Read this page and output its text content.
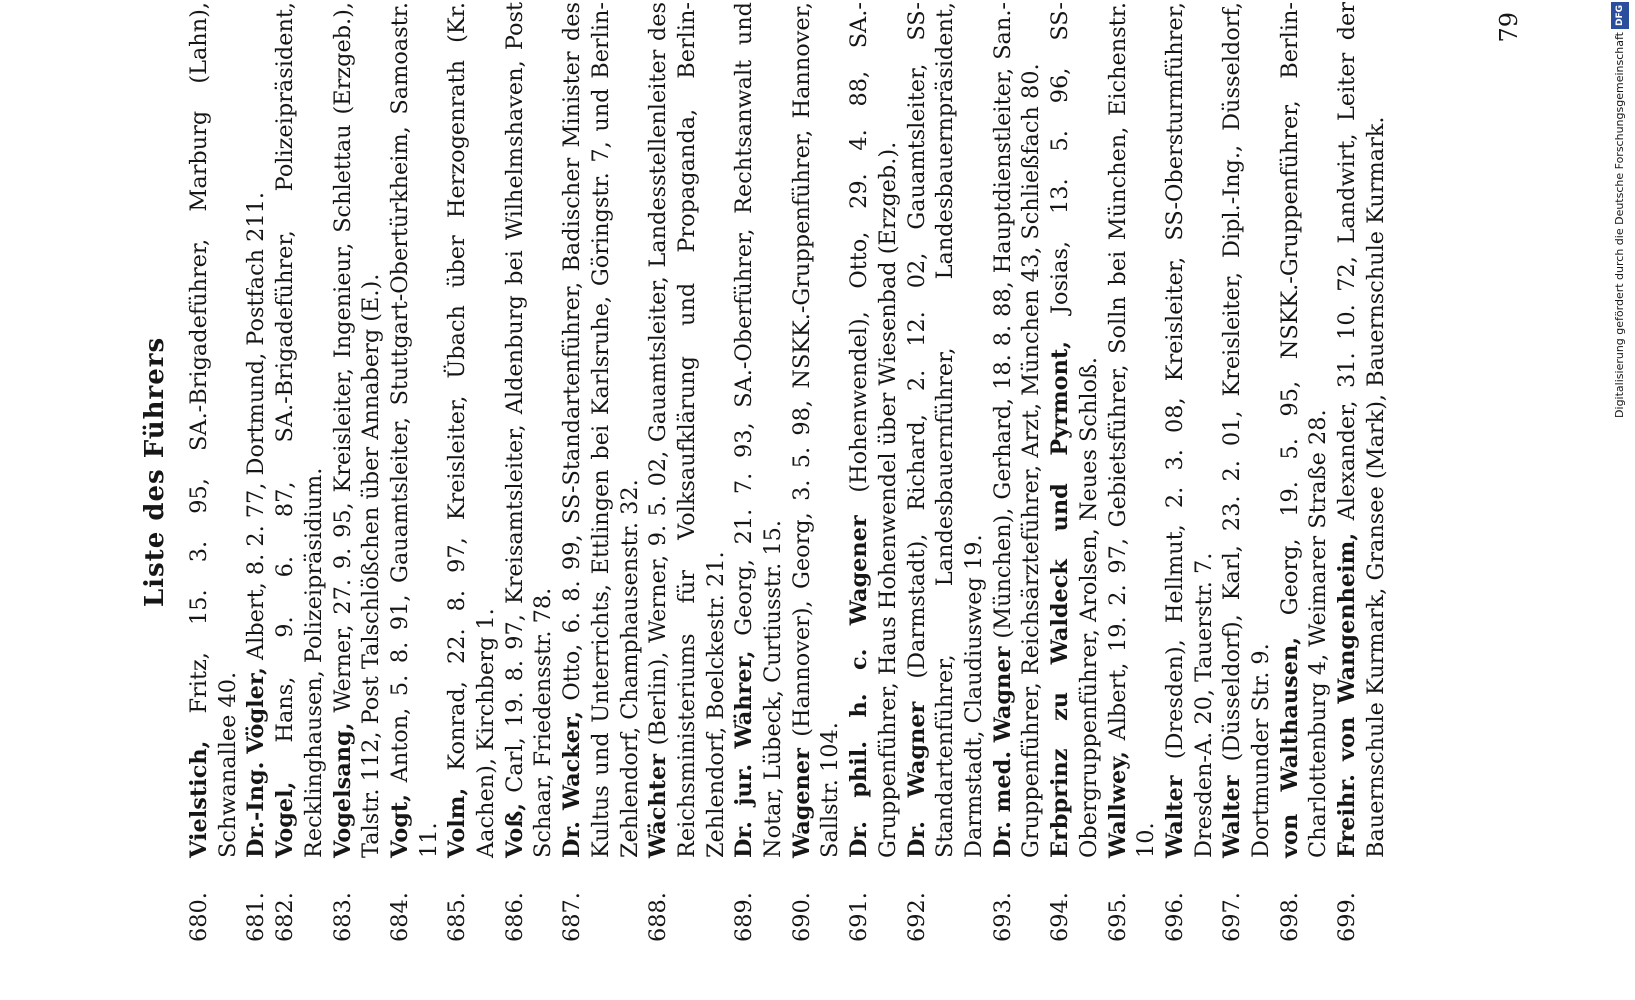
Liste des Führers

680.
Vielstich, Fritz, 15. 3. 95, SA.-Brigadeführer, Marburg (Lahn), Schwanallee 40.

681.
Dr.-Ing. Vögler, Albert, 8. 2. 77, Dortmund, Postfach 211.

682.
Vogel, Hans, 9. 6. 87, SA.-Brigadeführer, Polizeipräsident, Recklinghausen, Polizeipräsidium.

683.
Vogelsang, Werner, 27. 9. 95, Kreisleiter, Ingenieur, Schlettau (Erzgeb.), Talstr. 112, Post Talschlößchen über Annaberg (E.).

684.
Vogt, Anton, 5. 8. 91, Gauamtsleiter, Stuttgart-Obertürkheim, Samoastr. 11.

685.
Volm, Konrad, 22. 8. 97, Kreisleiter, Übach über Herzogenrath (Kr. Aachen), Kirchberg 1.

686.
Voß, Carl, 19. 8. 97, Kreisamtsleiter, Aldenburg bei Wilhelmshaven, Post Schaar, Friedensstr. 78.

687.
Dr. Wacker, Otto, 6. 8. 99, SS-Standartenführer, Badischer Minister des Kultus und Unterrichts, Ettlingen bei Karlsruhe, Göringstr. 7, und Berlin-Zehlendorf, Champhausenstr. 32.

688.
Wächter (Berlin), Werner, 9. 5. 02, Gauamtsleiter, Landesstellenleiter des Reichsministeriums für Volksaufklärung und Propaganda, Berlin-Zehlendorf, Boelckestr. 21.

689.
Dr. jur. Währer, Georg, 21. 7. 93, SA.-Oberführer, Rechtsanwalt und Notar, Lübeck, Curtiusstr. 15.

690.
Wagener (Hannover), Georg, 3. 5. 98, NSKK.-Gruppenführer, Hannover, Sallstr. 104.

691.
Dr. phil. h. c. Wagener (Hohenwendel), Otto, 29. 4. 88, SA.-Gruppenführer, Haus Hohenwendel über Wiesenbad (Erzgeb.).

692.
Dr. Wagner (Darmstadt), Richard, 2. 12. 02, Gauamtsleiter, SS-Standartenführer, Landesbauernführer, Landesbauernpräsident, Darmstadt, Claudiusweg 19.

693.
Dr. med. Wagner (München), Gerhard, 18. 8. 88, Hauptdienstleiter, San.-Gruppenführer, Reichsärzteführer, Arzt, München 43, Schließfach 80.

694.
Erbprinz zu Waldeck und Pyrmont, Josias, 13. 5. 96, SS-Obergruppenführer, Arolsen, Neues Schloß.

695.
Wallwey, Albert, 19. 2. 97, Gebietsführer, Solln bei München, Eichenstr. 10.

696.
Walter (Dresden), Hellmut, 2. 3. 08, Kreisleiter, SS-Obersturmführer, Dresden-A. 20, Tauerstr. 7.

697.
Walter (Düsseldorf), Karl, 23. 2. 01, Kreisleiter, Dipl.-Ing., Düsseldorf, Dortmunder Str. 9.

698.
von Walthausen, Georg, 19. 5. 95, NSKK.-Gruppenführer, Berlin-Charlottenburg 4, Weimarer Straße 28.

699.
Freihr. von Wangenheim, Alexander, 31. 10. 72, Landwirt, Leiter der Bauernschule Kurmark, Gransee (Mark), Bauernschule Kurmark.

79
Digitalisierung gefördert durch die Deutsche Forschungsgemeinschaft
DFG
